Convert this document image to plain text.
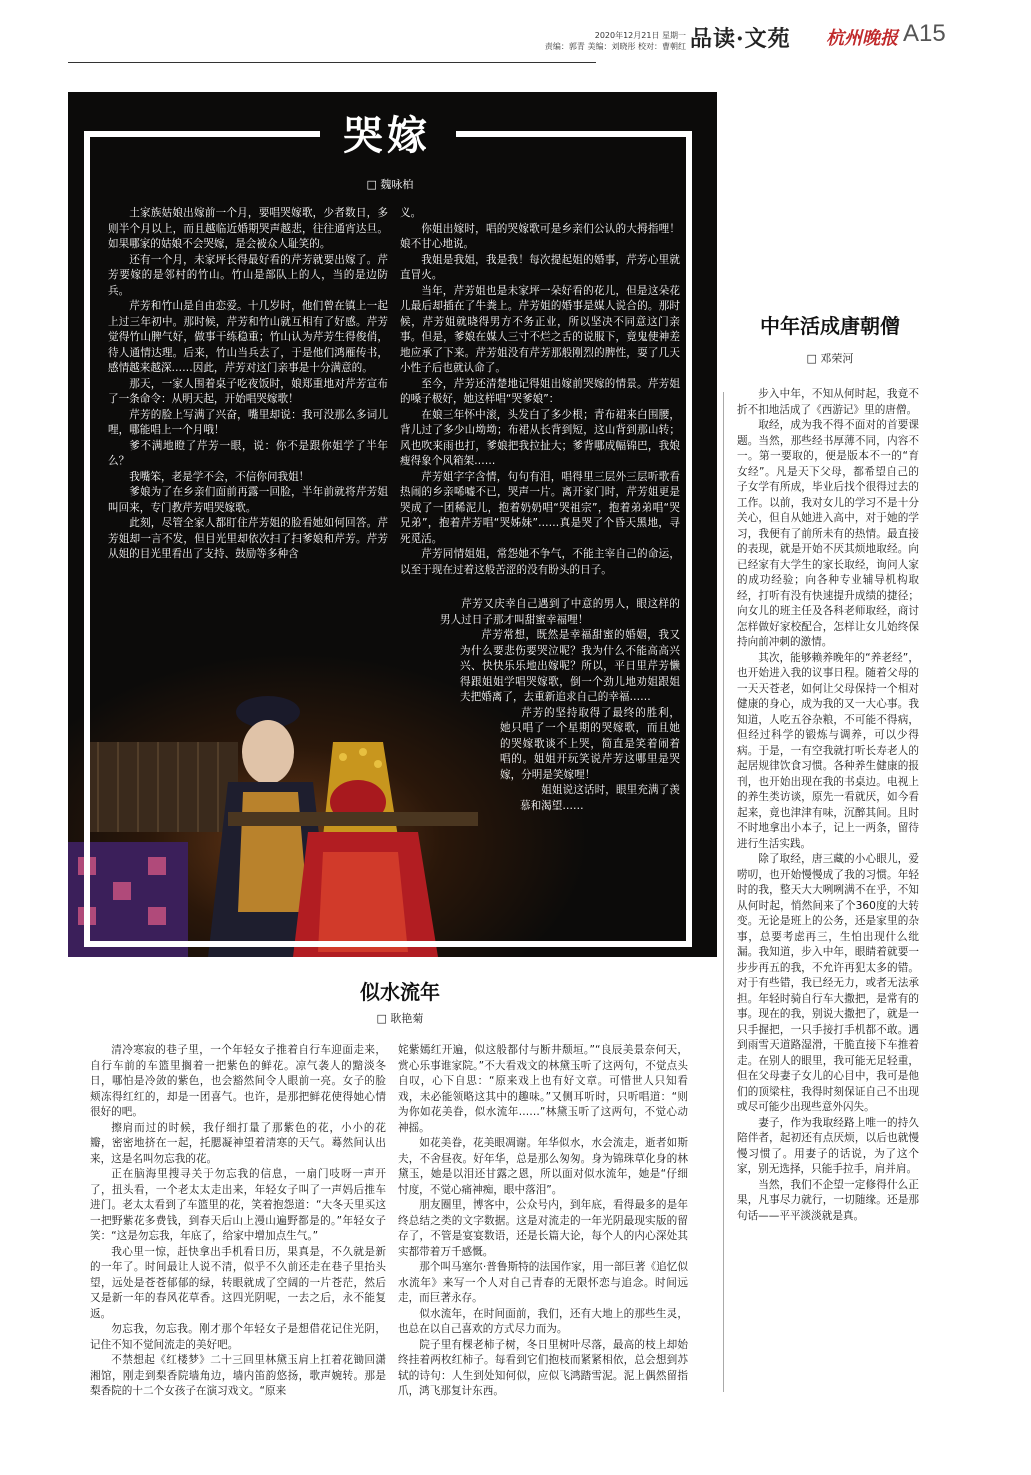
2020年12月21日 星期一
责编：郭青 美编：刘晓彤 校对：曹朝红 品读·文苑 杭州晚报 A15
哭嫁
□ 魏咏柏

土家族姑娘出嫁前一个月，要唱哭嫁歌，少者数日，多则半个月以上，而且越临近婚期哭声越悲，往往通宵达旦。如果哪家的姑娘不会哭嫁，是会被众人耻笑的。

还有一个月，未家坪长得最好看的芹芳就要出嫁了。芹芳要嫁的是邻村的竹山。竹山是部队上的人，当的是边防兵。

芹芳和竹山是自由恋爱。十几岁时，他们曾在镇上一起上过三年初中。那时候，芹芳和竹山就互相有了好感。芹芳觉得竹山脾气好，做事干练稳重；竹山认为芹芳生得俊俏，待人通情达理。后来，竹山当兵去了，于是他们鸿雁传书，感情越来越深……因此，芹芳对这门亲事是十分满意的。

那天，一家人围着桌子吃夜饭时，娘郑重地对芹芳宣布了一条命令：从明天起，开始唱哭嫁歌！

芹芳的脸上写满了兴奋，嘴里却说：我可没那么多词儿哩，哪能唱上一个月哦！

爹不满地瞪了芹芳一眼，说：你不是跟你姐学了半年么？

我嘴笨，老是学不会，不信你问我姐！

爹娘为了在乡亲们面前再露一回脸，半年前就将芹芳姐叫回来，专门教芹芳唱哭嫁歌。

此刻，尽管全家人都盯住芹芳姐的脸看她如何回答。芹芳姐却一言不发，但目光里却依次扫了扫爹娘和芹芳。芹芳从姐的目光里看出了支持、鼓励等多种含

义。

你姐出嫁时，唱的哭嫁歌可是乡亲们公认的大拇指哩！娘不甘心地说。

我姐是我姐，我是我！每次提起姐的婚事，芹芳心里就直冒火。

当年，芹芳姐也是未家坪一朵好看的花儿，但是这朵花儿最后却插在了牛粪上。芹芳姐的婚事是媒人说合的。那时候，芹芳姐就晓得男方不务正业，所以坚决不同意这门亲事。但是，爹娘在媒人三寸不烂之舌的说服下，竟鬼使神差地应承了下来。芹芳姐没有芹芳那般刚烈的脾性，耍了几天小性子后也就认命了。

至今，芹芳还清楚地记得姐出嫁前哭嫁的情景。芹芳姐的嗓子极好，她这样唱“哭爹娘”：

在娘三年怀中滚，头发白了多少根；青布裙来白围腰，背儿过了多少山坳坳；布裙从长背到短，这山背到那山转；风也吹来雨也打，爹娘把我拉扯大；爹背哪成幅锦巴，我娘瘦得象个风箱架……

芹芳姐字字含情，句句有泪，唱得里三层外三层听歌看热闹的乡亲唏嘘不已，哭声一片。离开家门时，芹芳姐更是哭成了一团稀泥儿，抱着奶奶唱“哭祖宗”，抱着弟弟唱“哭兄弟”，抱着芹芳唱“哭姊妹”……真是哭了个昏天黑地，寻死觅活。

芹芳同情姐姐，常怨她不争气，不能主宰自己的命运，以至于现在过着这般苦涩的没有盼头的日子。

芹芳又庆幸自己遇到了中意的男人，眼这样的男人过日子那才叫甜蜜幸福哩！

芹芳常想，既然是幸福甜蜜的婚姻，我又为什么要悲伤要哭泣呢？我为什么不能高高兴兴、快快乐乐地出嫁呢？所以，平日里芹芳懒得跟姐姐学唱哭嫁歌，倒一个劲儿地劝姐跟姐夫把婚离了，去重新追求自己的幸福……

芹芳的坚持取得了最终的胜利，她只唱了一个星期的哭嫁歌，而且她的哭嫁歌谈不上哭，简直是笑着闹着唱的。姐姐开玩笑说芹芳这哪里是哭嫁，分明是笑嫁哩！

姐姐说这话时，眼里充满了羡慕和渴望……

中年活成唐朝僧
□ 邓荣河

步入中年，不知从何时起，我竟不折不扣地活成了《西游记》里的唐僧。

取经，成为我不得不面对的首要课题。当然，那些经书厚薄不同，内容不一。第一要取的，便是版本不一的“育女经”。凡是天下父母，都希望自己的子女学有所成，毕业后找个很得过去的工作。以前，我对女儿的学习不是十分关心，但自从她进入高中，对于她的学习，我便有了前所未有的热情。最直接的表现，就是开始不厌其烦地取经。向已经家有大学生的家长取经，询问人家的成功经验；向各种专业辅导机构取经，打听有没有快速提升成绩的捷径；向女儿的班主任及各科老师取经，商讨怎样做好家校配合，怎样让女儿始终保持向前冲刺的激情。

其次，能够赖养晚年的“养老经”，也开始进入我的议事日程。随着父母的一天天苍老，如何让父母保持一个相对健康的身心，成为我的又一大心事。我知道，人吃五谷杂粮，不可能不得病，但经过科学的锻炼与调养，可以少得病。于是，一有空我就打听长寿老人的起居规律饮食习惯。各种养生健康的报刊，也开始出现在我的书桌边。电视上的养生类访谈，原先一看就厌，如今看起来，竟也津津有味，沉醉其间。且时不时地拿出小本子，记上一两条，留待进行生活实践。

除了取经，唐三藏的小心眼儿，爱唠叨，也开始慢慢成了我的习惯。年轻时的我，整天大大咧咧满不在乎，不知从何时起，悄然间来了个360度的大转变。无论是班上的公务，还是家里的杂事，总要考虑再三，生怕出现什么纰漏。我知道，步入中年，眼睛着就要一步步再五的我，不允许再犯太多的错。对于有些错，我已经无力，或者无法承担。年轻时骑自行车大撒把，是常有的事。现在的我，别说大撒把了，就是一只手握把，一只手接打手机都不敢。遇到雨雪天道路湿滑，干脆直接下车推着走。在别人的眼里，我可能无足轻重，但在父母妻子女儿的心目中，我可是他们的顶梁柱，我得时刻保证自己不出现或尽可能少出现些意外闪失。

妻子，作为我取经路上唯一的持久陪伴者，起初还有点厌烦，以后也就慢慢习惯了。用妻子的话说，为了这个家，别无选择，只能手拉手，肩并肩。

当然，我们不企望一定修得什么正果，凡事尽力就行，一切随缘。还是那句话——平平淡淡就是真。

似水流年
□ 耿艳菊

清冷寒寂的巷子里，一个年轻女子推着自行车迎面走来，自行车前的车篮里搁着一把紫色的鲜花。凉气袭人的黯淡冬日，哪怕是冷敛的紫色，也会豁然间令人眼前一亮。女子的脸颊冻得红红的，却是一团喜气。也许，是那把鲜花使得她心情很好的吧。

擦肩而过的时候，我仔细打量了那紫色的花，小小的花瓣，密密地挤在一起，托腮凝神望着清寒的天气。蓦然间认出来，这是名叫勿忘我的花。

正在脑海里搜寻关于勿忘我的信息，一扇门吱呀一声开了，扭头看，一个老太太走出来，年轻女子叫了一声妈后推车进门。老太太看到了车篮里的花，笑着抱怨道：“大冬天里买这一把野紫花多费钱，到春天后山上漫山遍野都是的。”年轻女子笑：“这是勿忘我，年底了，给家中增加点生气。”

我心里一惊，赶快拿出手机看日历，果真是，不久就是新的一年了。时间最让人说不清，似乎不久前还走在巷子里抬头望，远处是苍苍郁郁的绿，转眼就成了空阔的一片苍茫，然后又是新一年的春风花草香。这四光阴呢，一去之后，永不能复返。

勿忘我，勿忘我。刚才那个年轻女子是想借花记住光阴，记住不知不觉间流走的美好吧。

不禁想起《红楼梦》二十三回里林黛玉肩上扛着花锄回潇湘馆，刚走到梨香院墙角边，墙内笛韵悠扬，歌声婉转。那是梨香院的十二个女孩子在演习戏文。“原来

姹紫嫣红开遍，似这般都付与断井颓垣。”“良辰美景奈何天，赏心乐事谁家院。”不大看戏文的林黛玉听了这两句，不觉点头自叹，心下自思：“原来戏上也有好文章。可惜世人只知看戏，未必能领略这其中的趣味。”又侧耳听时，只听唱道：“则为你如花美眷，似水流年……”林黛玉听了这两句，不觉心动神摇。

如花美眷，花美眼凋谢。年华似水，水会流走，逝者如斯夫，不舍昼夜。好年华，总是那么匆匆。身为锦珠草化身的林黛玉，她是以泪还甘露之恩，所以面对似水流年，她是“仔细忖度，不觉心痛神痴，眼中落泪”。

朋友圈里，博客中，公众号内，到年底，看得最多的是年终总结之类的文字数据。这是对流走的一年光阴最现实版的留存了，不管是宴宴数语，还是长篇大论，每个人的内心深处其实都带着万千感慨。

那个叫马塞尔·普鲁斯特的法国作家，用一部巨著《追忆似水流年》来写一个人对自己青春的无限怀恋与追念。时间远走，而巨著永存。

似水流年，在时间面前，我们，还有大地上的那些生灵，也总在以自己喜欢的方式尽力而为。

院子里有棵老柿子树，冬日里树叶尽落，最高的枝上却始终挂着两枚红柿子。每看到它们抱枝而紧紧相依，总会想到苏轼的诗句：人生到处知何似，应似飞鸿踏雪泥。泥上偶然留指爪，鸿飞那复计东西。
